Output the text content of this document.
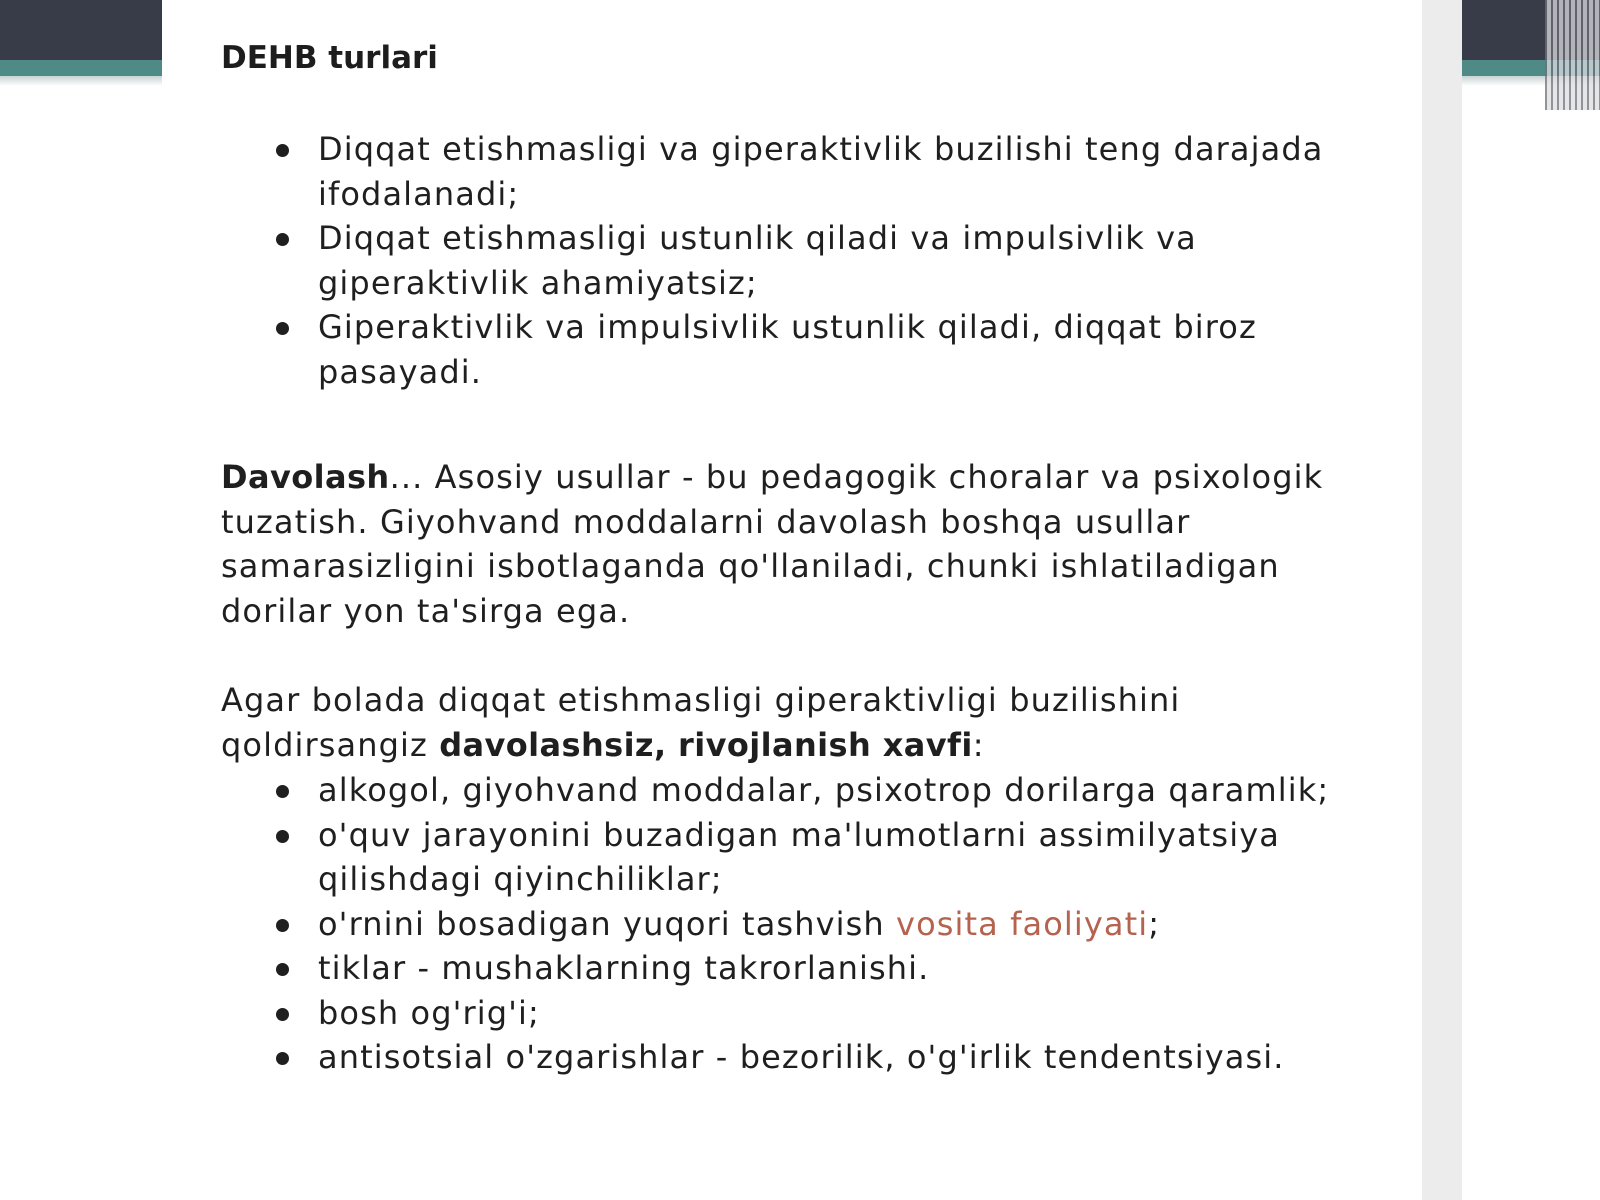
DEHB turlari
Diqqat etishmasligi va giperaktivlik buzilishi teng darajada ifodalanadi;
Diqqat etishmasligi ustunlik qiladi va impulsivlik va giperaktivlik ahamiyatsiz;
Giperaktivlik va impulsivlik ustunlik qiladi, diqqat biroz pasayadi.

Davolash... Asosiy usullar - bu pedagogik choralar va psixologik tuzatish. Giyohvand moddalarni davolash boshqa usullar samarasizligini isbotlaganda qo'llaniladi, chunki ishlatiladigan dorilar yon ta'sirga ega.

Agar bolada diqqat etishmasligi giperaktivligi buzilishini qoldirsangiz davolashsiz, rivojlanish xavfi:

alkogol, giyohvand moddalar, psixotrop dorilarga qaramlik;
o'quv jarayonini buzadigan ma'lumotlarni assimilyatsiya qilishdagi qiyinchiliklar;
o'rnini bosadigan yuqori tashvish vosita faoliyati;
tiklar - mushaklarning takrorlanishi.
bosh og'rig'i;
antisotsial o'zgarishlar - bezorilik, o'g'irlik tendentsiyasi.
